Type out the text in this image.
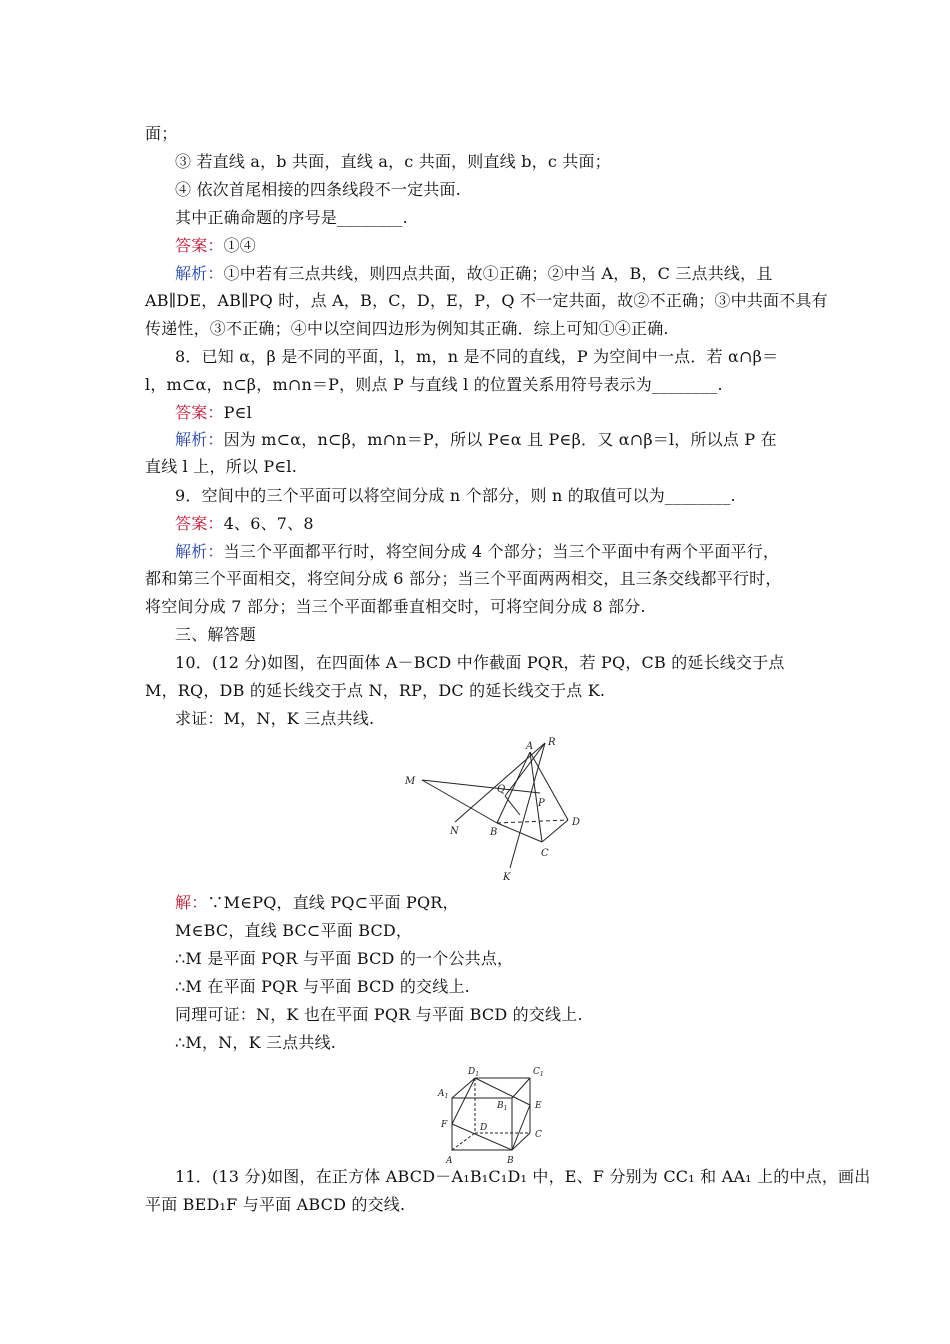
面；
③ 若直线 a，b 共面，直线 a，c 共面，则直线 b，c 共面；
④ 依次首尾相接的四条线段不一定共面.
其中正确命题的序号是________.
答案：①④
解析：①中若有三点共线，则四点共面，故①正确；②中当 A，B，C 三点共线，且
AB∥DE，AB∥PQ 时，点 A，B，C，D，E，P，Q 不一定共面，故②不正确；③中共面不具有
传递性，③不正确；④中以空间四边形为例知其正确．综上可知①④正确.
8．已知 α，β 是不同的平面，l，m，n 是不同的直线，P 为空间中一点．若 α∩β＝
l，m⊂α，n⊂β，m∩n＝P，则点 P 与直线 l 的位置关系用符号表示为________.
答案：P∈l
解析：因为 m⊂α，n⊂β，m∩n＝P，所以 P∈α 且 P∈β．又 α∩β＝l，所以点 P 在
直线 l 上，所以 P∈l.
9．空间中的三个平面可以将空间分成 n 个部分，则 n 的取值可以为________.
答案：4、6、7、8
解析：当三个平面都平行时，将空间分成 4 个部分；当三个平面中有两个平面平行，
都和第三个平面相交，将空间分成 6 部分；当三个平面两两相交，且三条交线都平行时，
将空间分成 7 部分；当三个平面都垂直相交时，可将空间分成 8 部分.
三、解答题
10．(12 分)如图，在四面体 A－BCD 中作截面 PQR，若 PQ，CB 的延长线交于点
M，RQ，DB 的延长线交于点 N，RP，DC 的延长线交于点 K.
求证：M，N，K 三点共线.
A R
M
Q
P
N	B
D
C
K
解：∵M∈PQ，直线 PQ⊂平面 PQR，
M∈BC，直线 BC⊂平面 BCD，
∴M 是平面 PQR 与平面 BCD 的一个公共点，
∴M 在平面 PQR 与平面 BCD 的交线上.
同理可证：N，K 也在平面 PQR 与平面 BCD 的交线上.
∴M，N，K 三点共线.
$D_1$	$C_1$
$A_1$
$B_1$	E
F	D
C
A	B
11．(13 分)如图，在正方体 ABCD－A₁B₁C₁D₁ 中，E、F 分别为 CC₁ 和 AA₁ 上的中点，画出
平面 BED₁F 与平面 ABCD 的交线.
